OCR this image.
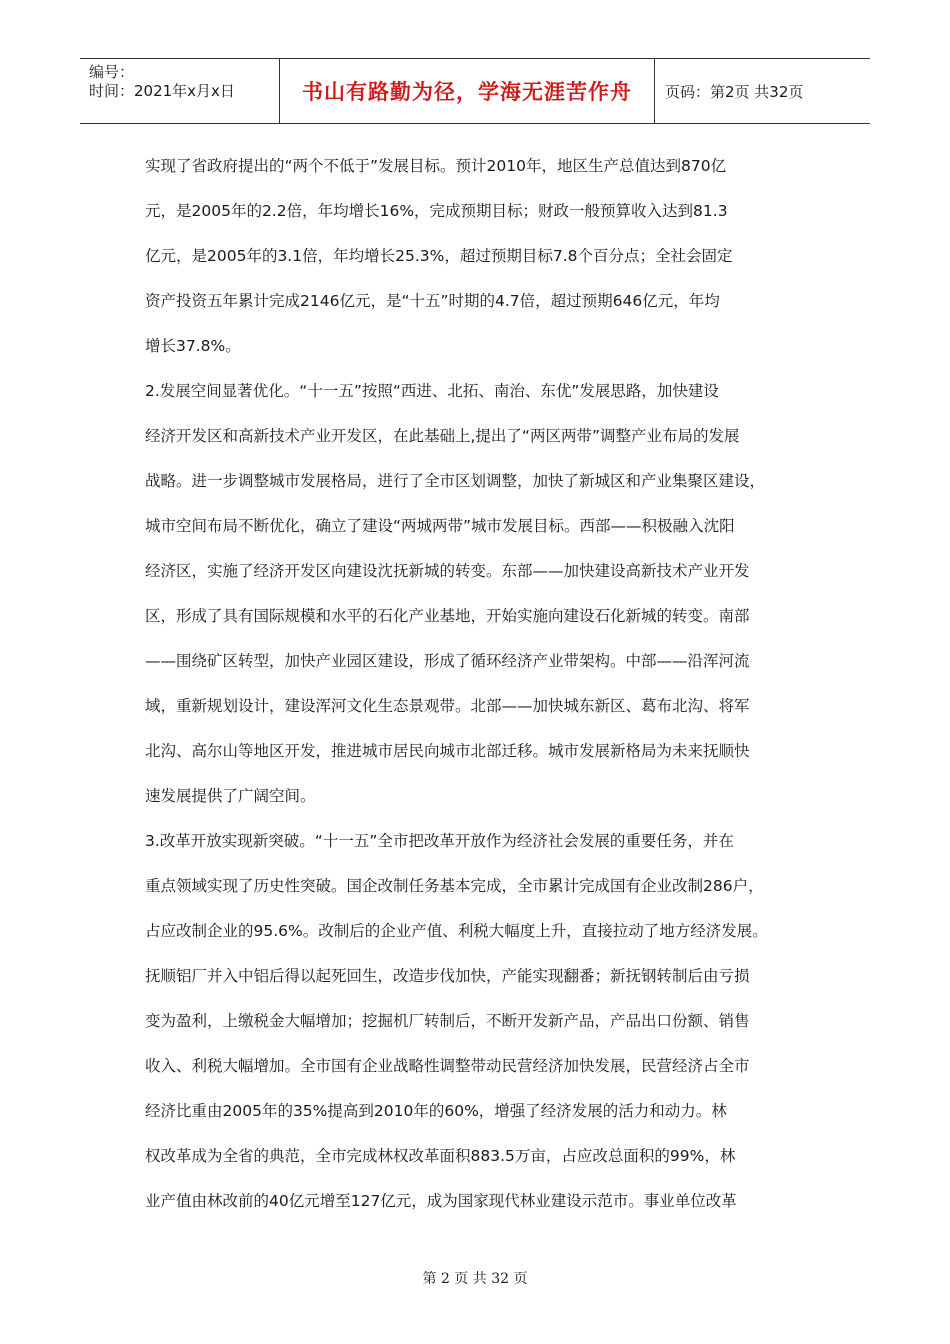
编号：
时间：2021年x月x日	书山有路勤为径，学海无涯苦作舟 页码：第2页 共32页
实现了省政府提出的“两个不低于”发展目标。预计2010年，地区生产总值达到870亿
元，是2005年的2.2倍，年均增长16%，完成预期目标；财政一般预算收入达到81.3
亿元，是2005年的3.1倍，年均增长25.3%，超过预期目标7.8个百分点；全社会固定
资产投资五年累计完成2146亿元，是“十五”时期的4.7倍，超过预期646亿元，年均
增长37.8%。
2.发展空间显著优化。“十一五”按照“西进、北拓、南治、东优”发展思路，加快建设
经济开发区和高新技术产业开发区，在此基础上,提出了“两区两带”调整产业布局的发展
战略。进一步调整城市发展格局，进行了全市区划调整，加快了新城区和产业集聚区建设，
城市空间布局不断优化，确立了建设“两城两带”城市发展目标。西部——积极融入沈阳
经济区，实施了经济开发区向建设沈抚新城的转变。东部——加快建设高新技术产业开发
区，形成了具有国际规模和水平的石化产业基地，开始实施向建设石化新城的转变。南部
——围绕矿区转型，加快产业园区建设，形成了循环经济产业带架构。中部——沿浑河流
域，重新规划设计，建设浑河文化生态景观带。北部——加快城东新区、葛布北沟、将军
北沟、高尔山等地区开发，推进城市居民向城市北部迁移。城市发展新格局为未来抚顺快
速发展提供了广阔空间。
3.改革开放实现新突破。“十一五”全市把改革开放作为经济社会发展的重要任务，并在
重点领域实现了历史性突破。国企改制任务基本完成，全市累计完成国有企业改制286户，
占应改制企业的95.6%。改制后的企业产值、利税大幅度上升，直接拉动了地方经济发展。
抚顺铝厂并入中铝后得以起死回生，改造步伐加快，产能实现翻番；新抚钢转制后由亏损
变为盈利，上缴税金大幅增加；挖掘机厂转制后，不断开发新产品，产品出口份额、销售
收入、利税大幅增加。全市国有企业战略性调整带动民营经济加快发展，民营经济占全市
经济比重由2005年的35%提高到2010年的60%，增强了经济发展的活力和动力。林
权改革成为全省的典范，全市完成林权改革面积883.5万亩，占应改总面积的99%，林
业产值由林改前的40亿元增至127亿元，成为国家现代林业建设示范市。事业单位改革
第 2 页 共 32 页
